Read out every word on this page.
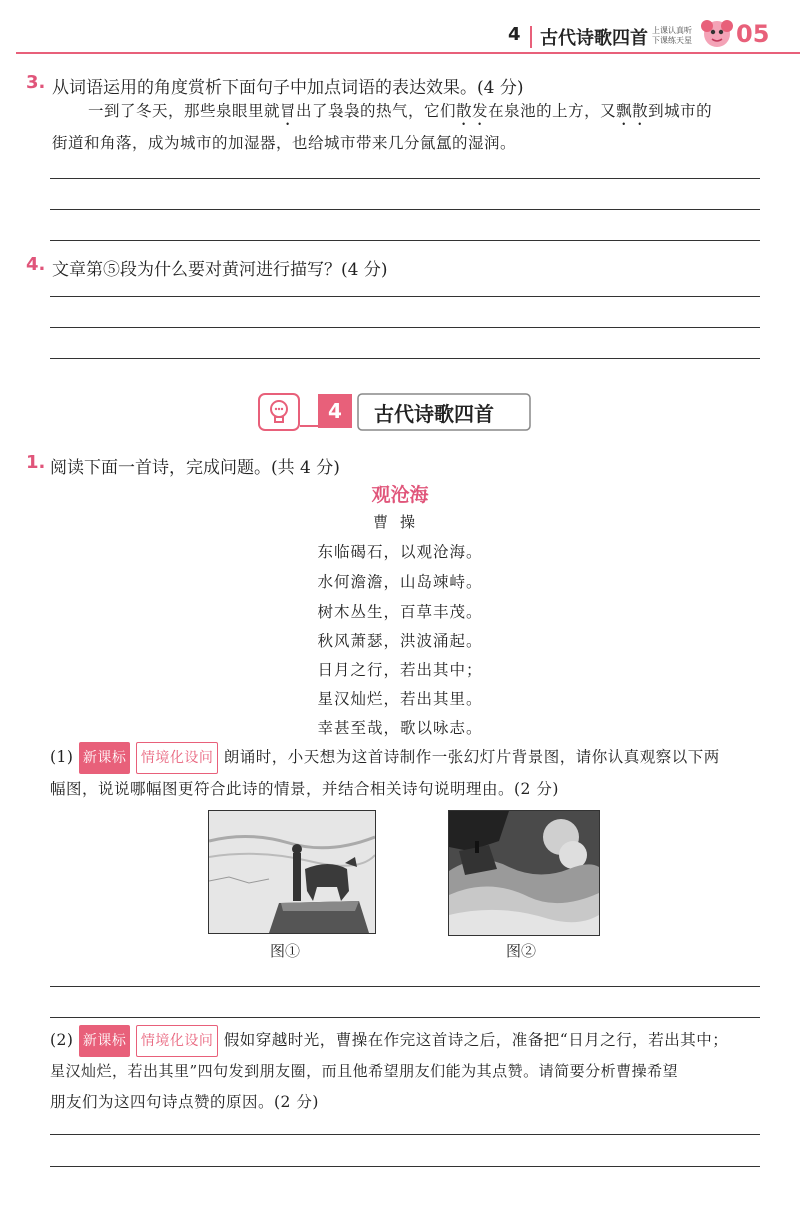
4 古代诗歌四首 上课认真听
下课练天星	05
3. 从词语运用的角度赏析下面句子中加点词语的表达效果。(4 分)
一到了冬天，那些泉眼里就冒出了袅袅的热气，它们散发在泉池的上方，又飘散到城市的
街道和角落，成为城市的加湿器，也给城市带来几分氤氲的湿润。
4. 文章第⑤段为什么要对黄河进行描写？(4 分)
4	古代诗歌四首
1. 阅读下面一首诗，完成问题。(共 4 分)
观沧海
曹操
东临碣石，以观沧海。
水何澹澹，山岛竦峙。
树木丛生，百草丰茂。
秋风萧瑟，洪波涌起。
日月之行，若出其中；
星汉灿烂，若出其里。
幸甚至哉，歌以咏志。
(1) 新课标 情境化设问 朗诵时，小天想为这首诗制作一张幻灯片背景图，请你认真观察以下两
幅图，说说哪幅图更符合此诗的情景，并结合相关诗句说明理由。(2 分)
图①	图②
(2) 新课标 情境化设问 假如穿越时光，曹操在作完这首诗之后，准备把“日月之行，若出其中；
星汉灿烂，若出其里”四句发到朋友圈，而且他希望朋友们能为其点赞。请简要分析曹操希望
朋友们为这四句诗点赞的原因。(2 分)
